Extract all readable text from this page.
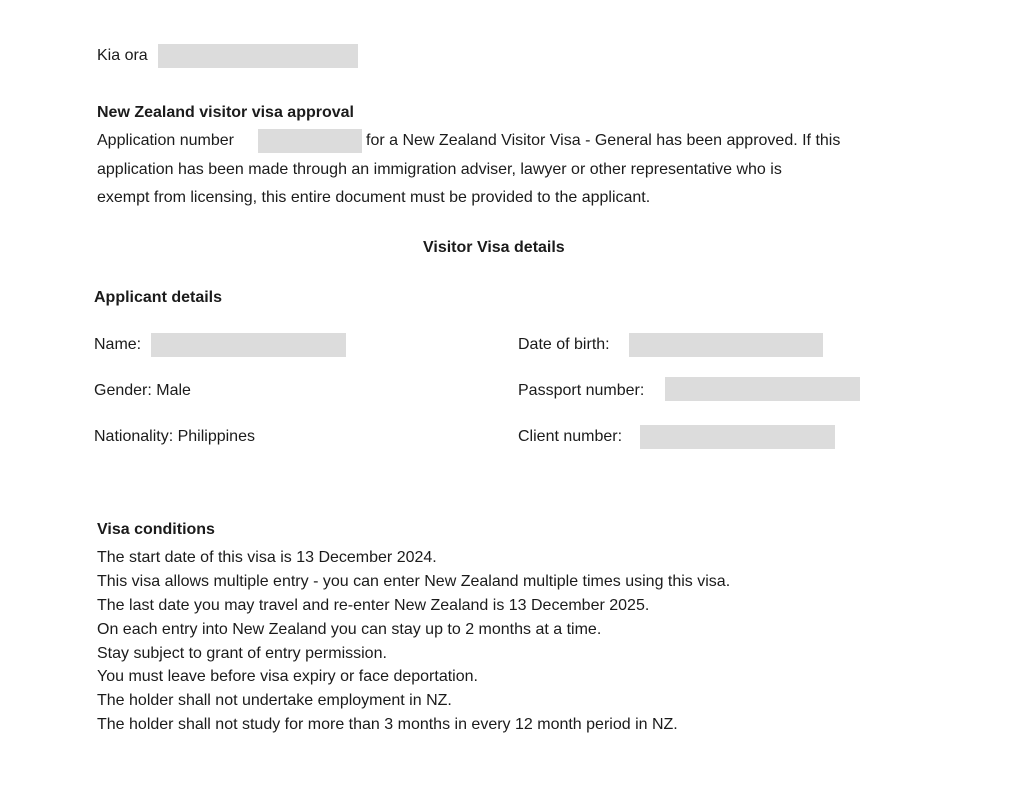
Kia ora
New Zealand visitor visa approval
Application number	for a New Zealand Visitor Visa - General has been approved. If this
application has been made through an immigration adviser, lawyer or other representative who is
exempt from licensing, this entire document must be provided to the applicant.
Visitor Visa details
Applicant details
Name:	Date of birth:
Gender: Male	Passport number:
Nationality: Philippines	Client number:
Visa conditions
The start date of this visa is 13 December 2024.
This visa allows multiple entry - you can enter New Zealand multiple times using this visa.
The last date you may travel and re-enter New Zealand is 13 December 2025.
On each entry into New Zealand you can stay up to 2 months at a time.
Stay subject to grant of entry permission.
You must leave before visa expiry or face deportation.
The holder shall not undertake employment in NZ.
The holder shall not study for more than 3 months in every 12 month period in NZ.
